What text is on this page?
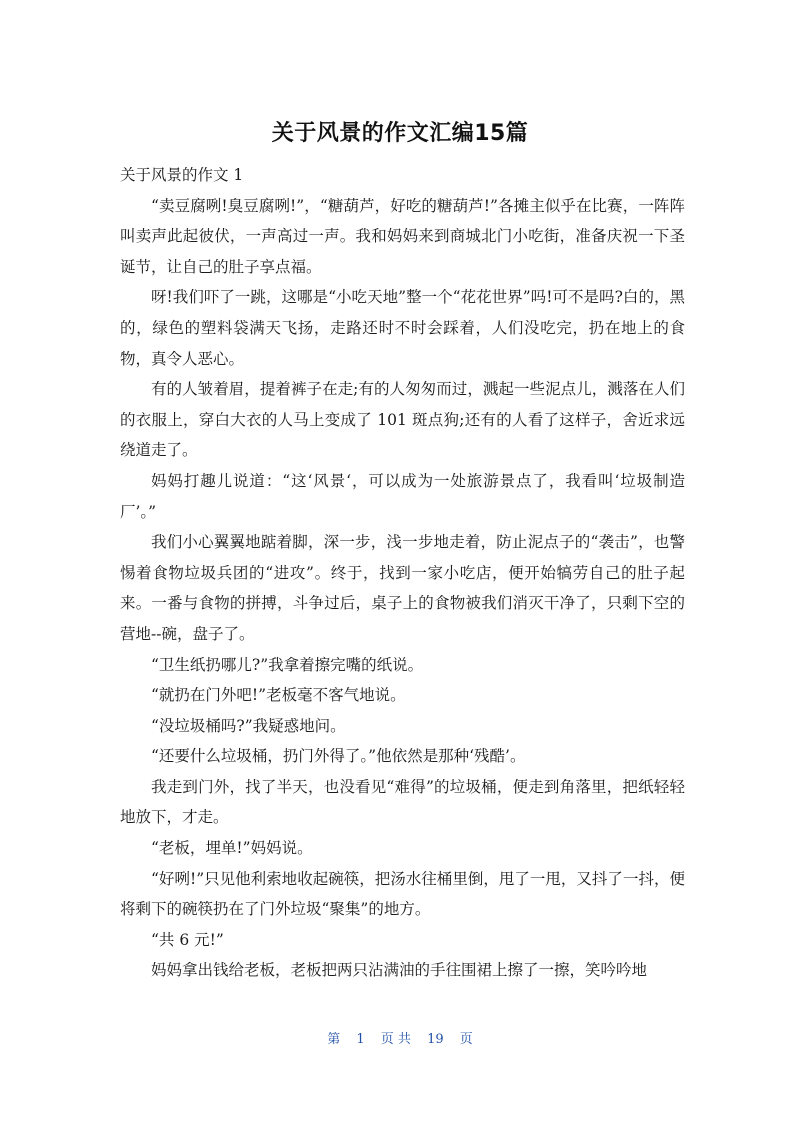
关于风景的作文汇编15篇

关于风景的作文 1

“卖豆腐咧!臭豆腐咧!”，“糖葫芦，好吃的糖葫芦!”各摊主似乎在比赛，一阵阵叫卖声此起彼伏，一声高过一声。我和妈妈来到商城北门小吃街，准备庆祝一下圣诞节，让自己的肚子享点福。

呀!我们吓了一跳，这哪是“小吃天地”整一个“花花世界”吗!可不是吗?白的，黑的，绿色的塑料袋满天飞扬，走路还时不时会踩着，人们没吃完，扔在地上的食物，真令人恶心。

有的人皱着眉，提着裤子在走;有的人匆匆而过，溅起一些泥点儿，溅落在人们的衣服上，穿白大衣的人马上变成了 101 斑点狗;还有的人看了这样子，舍近求远绕道走了。

妈妈打趣儿说道：“这‘风景‘，可以成为一处旅游景点了，我看叫‘垃圾制造厂’。”

我们小心翼翼地踮着脚，深一步，浅一步地走着，防止泥点子的“袭击”，也警惕着食物垃圾兵团的“进攻”。终于，找到一家小吃店，便开始犒劳自己的肚子起来。一番与食物的拼搏，斗争过后，桌子上的食物被我们消灭干净了，只剩下空的营地--碗，盘子了。

“卫生纸扔哪儿?”我拿着擦完嘴的纸说。

“就扔在门外吧!”老板毫不客气地说。

“没垃圾桶吗?”我疑惑地问。

“还要什么垃圾桶，扔门外得了。”他依然是那种‘残酷’。

我走到门外，找了半天，也没看见“难得”的垃圾桶，便走到角落里，把纸轻轻地放下，才走。

“老板，埋单!”妈妈说。

“好咧!”只见他利索地收起碗筷，把汤水往桶里倒，甩了一甩，又抖了一抖，便将剩下的碗筷扔在了门外垃圾“聚集”的地方。

“共 6 元!”

妈妈拿出钱给老板，老板把两只沾满油的手往围裙上擦了一擦，笑吟吟地

第 1 页 共 19 页
